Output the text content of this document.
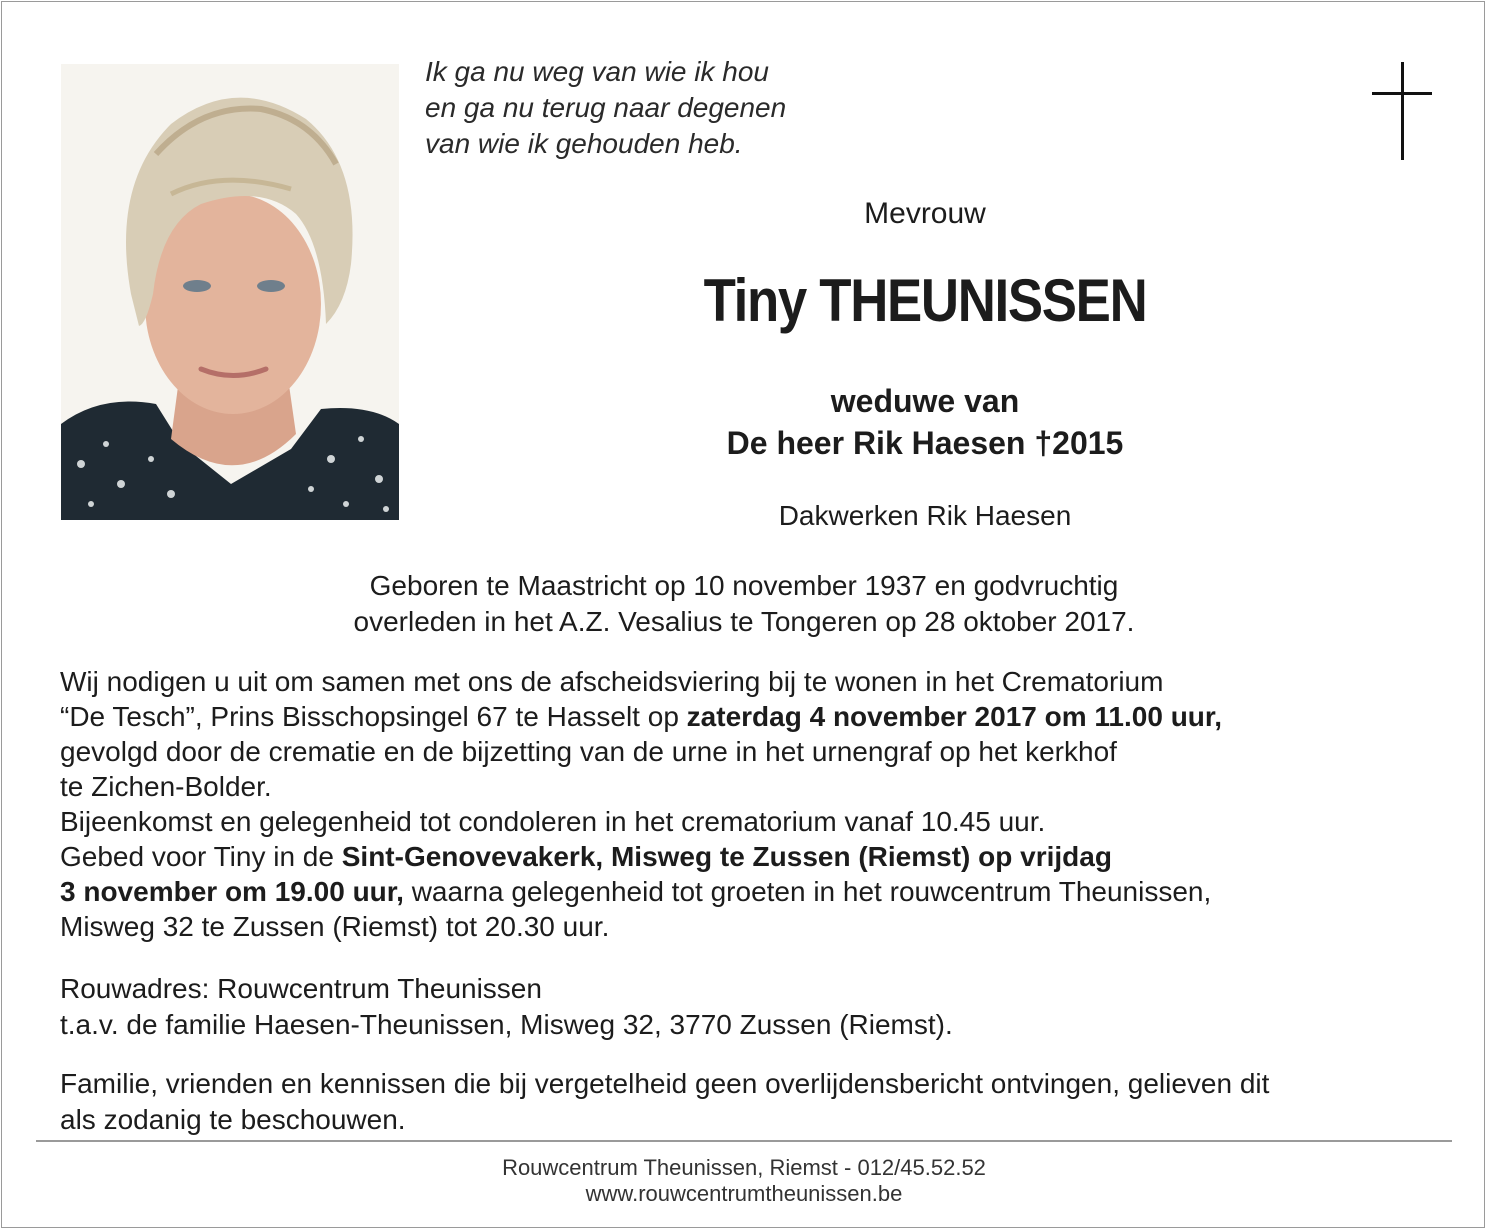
Ik ga nu weg van wie ik hou
en ga nu terug naar degenen
van wie ik gehouden heb.
Mevrouw
Tiny THEUNISSEN
weduwe van
De heer Rik Haesen †2015
Dakwerken Rik Haesen
Geboren te Maastricht op 10 november 1937 en godvruchtig
overleden in het A.Z. Vesalius te Tongeren op 28 oktober 2017.
Wij nodigen u uit om samen met ons de afscheidsviering bij te wonen in het Crematorium
“De Tesch”, Prins Bisschopsingel 67 te Hasselt op zaterdag 4 november 2017 om 11.00 uur,
gevolgd door de crematie en de bijzetting van de urne in het urnengraf op het kerkhof
te Zichen-Bolder.
Bijeenkomst en gelegenheid tot condoleren in het crematorium vanaf 10.45 uur.
Gebed voor Tiny in de Sint-Genovevakerk, Misweg te Zussen (Riemst) op vrijdag
3 november om 19.00 uur, waarna gelegenheid tot groeten in het rouwcentrum Theunissen,
Misweg 32 te Zussen (Riemst) tot 20.30 uur.
Rouwadres: Rouwcentrum Theunissen
t.a.v. de familie Haesen-Theunissen, Misweg 32, 3770 Zussen (Riemst).
Familie, vrienden en kennissen die bij vergetelheid geen overlijdensbericht ontvingen, gelieven dit
als zodanig te beschouwen.
Rouwcentrum Theunissen, Riemst - 012/45.52.52
www.rouwcentrumtheunissen.be
